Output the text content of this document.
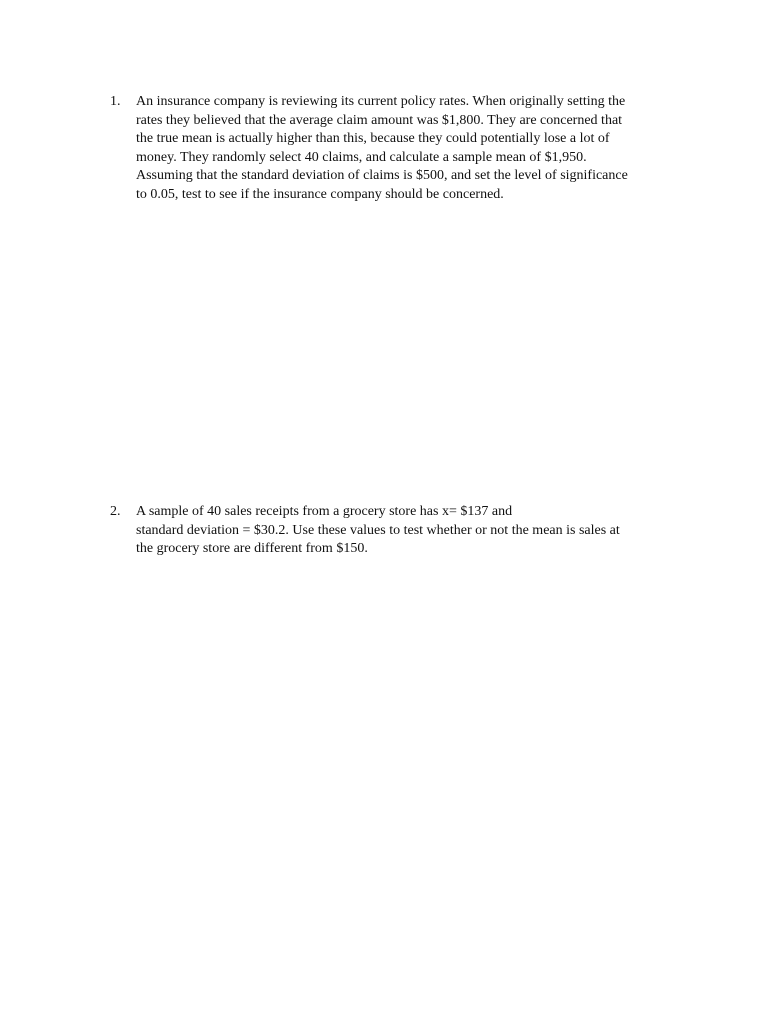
1. An insurance company is reviewing its current policy rates. When originally setting the
rates they believed that the average claim amount was $1,800. They are concerned that
the true mean is actually higher than this, because they could potentially lose a lot of
money. They randomly select 40 claims, and calculate a sample mean of $1,950.
Assuming that the standard deviation of claims is $500, and set the level of significance
to 0.05, test to see if the insurance company should be concerned.
2. A sample of 40 sales receipts from a grocery store has x= $137 and
standard deviation = $30.2. Use these values to test whether or not the mean is sales at
the grocery store are different from $150.
